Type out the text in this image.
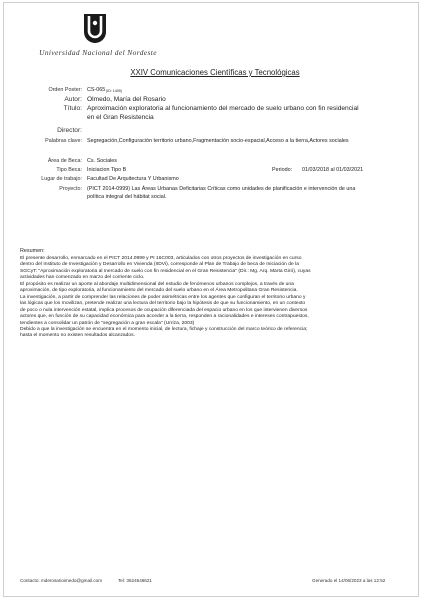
Universidad Nacional del Nordeste
XXIV Comunicaciones Científicas y Tecnológicas
Orden Poster: CS-065 (ID: 1409)
Autor: Olmedo, María del Rosario
Título: Aproximación exploratoria al funcionamiento del mercado de suelo urbano con fin residencial
en el Gran Resistencia
Director:
Palabras clave: Segregación,Configuración territorio urbano,Fragmentación socio-espacial,Acceso a la tierra,Actores sociales
Área de Beca: Cs. Sociales
Tipo Beca: Iniciacion Tipo B	Periodo: 01/03/2018 al 01/03/2021
Lugar de trabajo: Facultad De Arquitectura Y Urbanismo
Proyecto: (PICT 2014-0999) Las Áreas Urbanas Deficitarias Críticas como unidades de planificación e intervención de una
política integral del hábitat social.
Resumen:

El presente desarrollo, enmarcado en el PICT 2014.0999 y PI 16C003, articulados con otros proyectos de investigación en curso

dentro del Instituto de Investigación y Desarrollo en Vivienda (IIDVi), corresponde al Plan de Trabajo de beca de Iniciación de la

SGCyT: "Aproximación exploratoria al mercado de suelo con fin residencial en el Gran Resistencia" (Dir.: Mg. Arq. Marta Giró), cuyas

actividades han comenzado en marzo del corriente ciclo.

El propósito es realizar un aporte al abordaje multidimensional del estudio de fenómenos urbanos complejos, a través de una

aproximación, de tipo exploratoria, al funcionamiento del mercado del suelo urbano en el Área Metropolitana Gran Resistencia.

La investigación, a partir de comprender las relaciones de poder asimétricas entre los agentes que configuran el territorio urbano y

las lógicas que los movilizan, pretende realizar una lectura del territorio bajo la hipótesis de que su funcionamiento, en un contexto

de poco o nula intervención estatal, implica procesos de ocupación diferenciada del espacio urbano en los que intervienen diversos

actores que, en función de su capacidad económica para acceder a la tierra, responden a racionalidades e intereses contrapuestos,

tendientes a consolidar un patrón de "segregación a gran escala" (Urriza, 2003)

Debido a que la investigación se encuentra en el momento inicial, de lectura, fichaje y construcción del marco teórico de referencia;

hasta el momento no existen resultados alcanzados.

Contacto: mderosarioimedo@gmail.com	Tel: 3624546621	Generado el 14/06/2023 a las 12:52
